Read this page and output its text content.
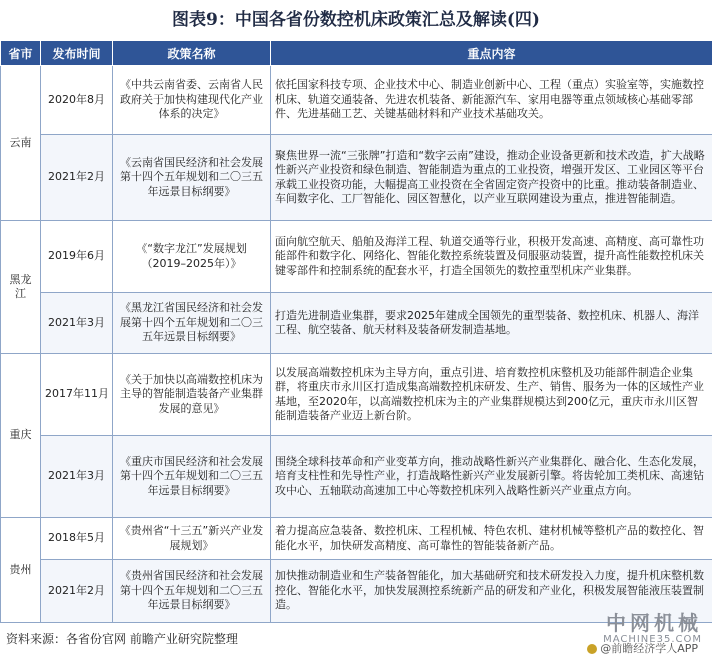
图表9：中国各省份数控机床政策汇总及解读(四)
省市	发布时间	政策名称	重点内容
云南	2020年8月	《中共云南省委、云南省人民政府关于加快构建现代化产业体系的决定》	依托国家科技专项、企业技术中心、制造业创新中心、工程（重点）实验室等，实施数控机床、轨道交通装备、先进农机装备、新能源汽车、家用电器等重点领域核心基础零部件、先进基础工艺、关键基础材料和产业技术基础攻关。
	2021年2月	《云南省国民经济和社会发展第十四个五年规划和二〇三五年远景目标纲要》	聚焦世界一流“三张牌”打造和“数字云南”建设，推动企业设备更新和技术改造，扩大战略性新兴产业投资和绿色制造、智能制造为重点的工业投资，增强开发区、工业园区等平台承载工业投资功能，大幅提高工业投资在全省固定资产投资中的比重。推动装备制造业、车间数字化、工厂智能化、园区智慧化，以产业互联网建设为重点，推进智能制造。
黑龙江	2019年6月	《“数字龙江”发展规划（2019–2025年）》	面向航空航天、船舶及海洋工程、轨道交通等行业，积极开发高速、高精度、高可靠性功能部件和数字化、网络化、智能化数控系统装置及伺服驱动装置，提升高性能数控机床关键零部件和控制系统的配套水平，打造全国领先的数控重型机床产业集群。
	2021年3月	《黑龙江省国民经济和社会发展第十四个五年规划和二〇三五年远景目标纲要》	打造先进制造业集群，要求2025年建成全国领先的重型装备、数控机床、机器人、海洋工程、航空装备、航天材料及装备研发制造基地。
重庆	2017年11月	《关于加快以高端数控机床为主导的智能制造装备产业集群发展的意见》	以发展高端数控机床为主导方向，重点引进、培育数控机床整机及功能部件制造企业集群，将重庆市永川区打造成集高端数控机床研发、生产、销售、服务为一体的区域性产业基地，至2020年，以高端数控机床为主的产业集群规模达到200亿元，重庆市永川区智能制造装备产业迈上新台阶。
	2021年3月	《重庆市国民经济和社会发展第十四个五年规划和二〇三五年远景目标纲要》	围绕全球科技革命和产业变革方向，推动战略性新兴产业集群化、融合化、生态化发展，培育支柱性和先导性产业，打造战略性新兴产业发展新引擎。将齿轮加工类机床、高速钻攻中心、五轴联动高速加工中心等数控机床列入战略性新兴产业重点方向。
贵州	2018年5月	《贵州省“十三五”新兴产业发展规划》	着力提高应急装备、数控机床、工程机械、特色农机、建材机械等整机产品的数控化、智能化水平，加快研发高精度、高可靠性的智能装备新产品。
	2021年2月	《贵州省国民经济和社会发展第十四个五年规划和二〇三五年远景目标纲要》	加快推动制造业和生产装备智能化，加大基础研究和技术研发投入力度，提升机床整机数控化、智能化水平，加快发展测控系统新产品的研发和产业化，积极发展智能液压装置制造。
资料来源：各省份官网 前瞻产业研究院整理
中网机械
MACHINE35.COM
@前瞻经济学人APP
